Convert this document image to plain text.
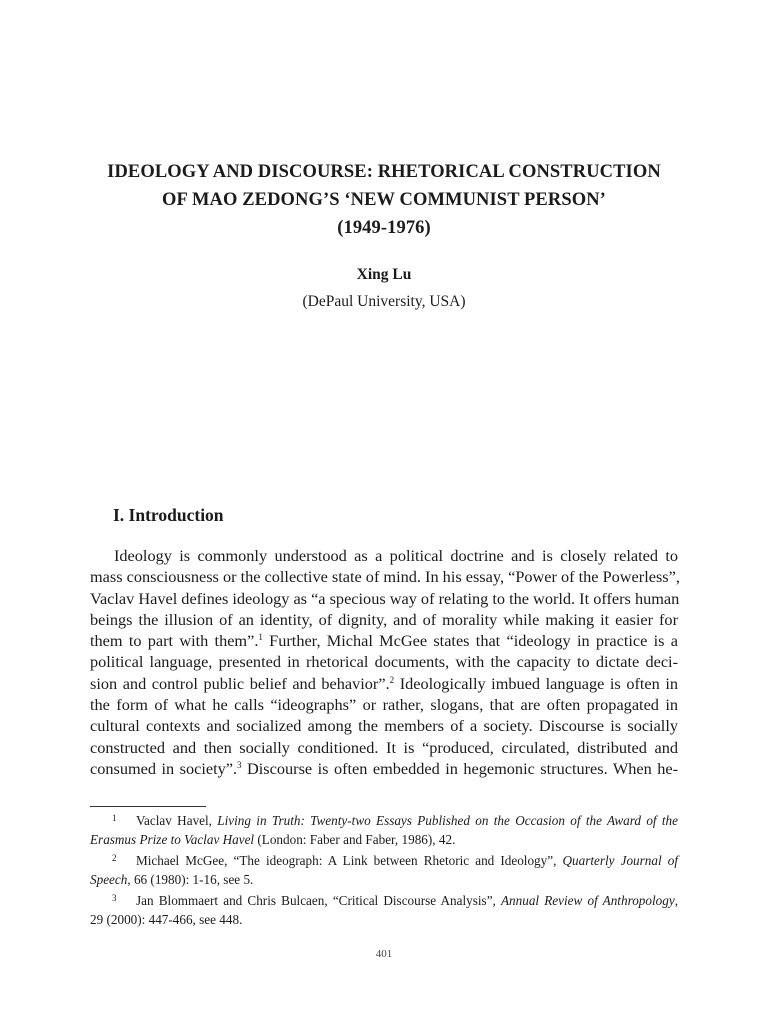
IDEOLOGY AND DISCOURSE: RHETORICAL CONSTRUCTION
OF MAO ZEDONG’S ‘NEW COMMUNIST PERSON’
(1949-1976)
Xing Lu
(DePaul University, USA)
I. Introduction
Ideology is commonly understood as a political doctrine and is closely related to
mass consciousness or the collective state of mind. In his essay, “Power of the Powerless”,
Vaclav Havel defines ideology as “a specious way of relating to the world. It offers human
beings the illusion of an identity, of dignity, and of morality while making it easier for
them to part with them”.$^1$ Further, Michal McGee states that “ideology in practice is a
political language, presented in rhetorical documents, with the capacity to dictate deci-
sion and control public belief and behavior”.$^2$ Ideologically imbued language is often in
the form of what he calls “ideographs” or rather, slogans, that are often propagated in
cultural contexts and socialized among the members of a society. Discourse is socially
constructed and then socially conditioned. It is “produced, circulated, distributed and
consumed in society”.$^3$ Discourse is often embedded in hegemonic structures. When he-
1 Vaclav Havel, Living in Truth: Twenty-two Essays Published on the Occasion of the Award of the
Erasmus Prize to Vaclav Havel (London: Faber and Faber, 1986), 42.
2 Michael McGee, “The ideograph: A Link between Rhetoric and Ideology”, Quarterly Journal of
Speech, 66 (1980): 1-16, see 5.
3 Jan Blommaert and Chris Bulcaen, “Critical Discourse Analysis”, Annual Review of Anthropology,
29 (2000): 447-466, see 448.
401
